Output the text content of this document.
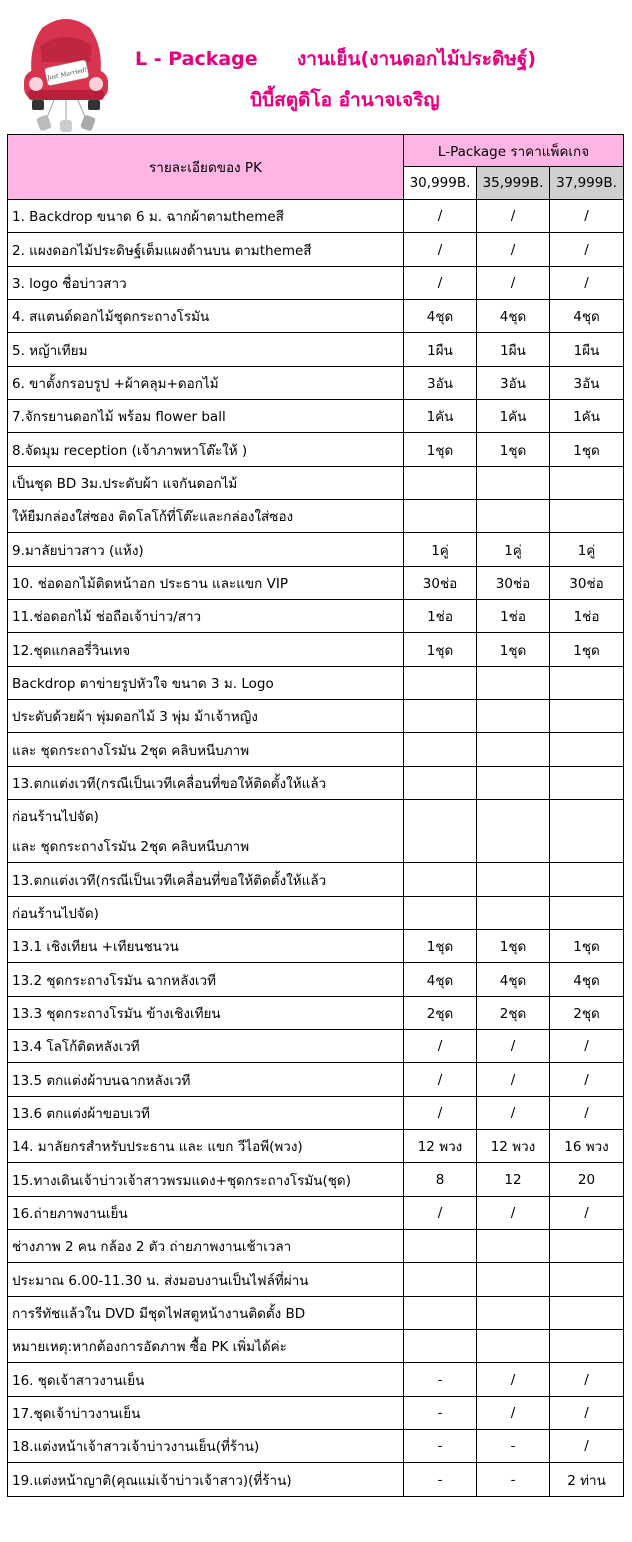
Just Married!
L - Package งานเย็น(งานดอกไม้ประดิษฐ์)
บิบี้สตูดิโอ อำนาจเจริญ
รายละเอียดของ PK	L-Package ราคาแพ็คเกจ		
	30,999B.	35,999B.	37,999B.
1. Backdrop ขนาด 6 ม. ฉากผ้าตามthemeสี	/	/	/
2. แผงดอกไม้ประดิษฐ์เต็มแผงด้านบน ตามthemeสี	/	/	/
3. logo ชื่อบ่าวสาว	/	/	/
4. สแตนด์ดอกไม้ชุดกระถางโรมัน	4ชุด	4ชุด	4ชุด
5. หญ้าเทียม	1ผืน	1ผืน	1ผืน
6. ขาตั้งกรอบรูป +ผ้าคลุม+ดอกไม้	3อัน	3อัน	3อัน
7.จักรยานดอกไม้ พร้อม flower ball	1คัน	1คัน	1คัน
8.จัดมุม reception (เจ้าภาพหาโต๊ะให้ )	1ชุด	1ชุด	1ชุด
เป็นชุด BD 3ม.ประดับผ้า แจกันดอกไม้			
ให้ยืมกล่องใส่ซอง ติดโลโก้ที่โต๊ะและกล่องใส่ซอง			
9.มาลัยบ่าวสาว (แห้ง)	1คู่	1คู่	1คู่
10. ช่อดอกไม้ติดหน้าอก ประธาน และแขก VIP	30ช่อ	30ช่อ	30ช่อ
11.ช่อดอกไม้ ช่อถือเจ้าบ่าว/สาว	1ช่อ	1ช่อ	1ช่อ
12.ชุดแกลอรี่วินเทจ	1ชุด	1ชุด	1ชุด
Backdrop ตาข่ายรูปหัวใจ ขนาด 3 ม. Logo			
ประดับด้วยผ้า พุ่มดอกไม้ 3 พุ่ม ม้าเจ้าหญิง			
และ ชุดกระถางโรมัน 2ชุด คลิบหนีบภาพ			
13.ตกแต่งเวที(กรณีเป็นเวทีเคลื่อนที่ขอให้ติดตั้งให้แล้ว			

ก่อนร้านไปจัด)
และ ชุดกระถางโรมัน 2ชุด คลิบหนีบภาพ			

13.ตกแต่งเวที(กรณีเป็นเวทีเคลื่อนที่ขอให้ติดตั้งให้แล้ว			
ก่อนร้านไปจัด)			
13.1 เชิงเทียน +เทียนชนวน	1ชุด	1ชุด	1ชุด
13.2 ชุดกระถางโรมัน ฉากหลังเวที	4ชุด	4ชุด	4ชุด
13.3 ชุดกระถางโรมัน ข้างเชิงเทียน	2ชุด	2ชุด	2ชุด
13.4 โลโก้ติดหลังเวที	/	/	/
13.5 ตกแต่งผ้าบนฉากหลังเวที	/	/	/
13.6 ตกแต่งผ้าขอบเวที	/	/	/
14. มาลัยกรสำหรับประธาน และ แขก วีไอพี(พวง)	12 พวง	12 พวง	16 พวง
15.ทางเดินเจ้าบ่าวเจ้าสาวพรมแดง+ชุดกระถางโรมัน(ชุด)	8	12	20
16.ถ่ายภาพงานเย็น	/	/	/
ช่างภาพ 2 คน กล้อง 2 ตัว ถ่ายภาพงานเช้าเวลา			
ประมาณ 6.00-11.30 น. ส่งมอบงานเป็นไฟล์ที่ผ่าน			
การรีทัชแล้วใน DVD มีชุดไฟสตูหน้างานติดตั้ง BD			
หมายเหตุ:หากต้องการอัดภาพ ซื้อ PK เพิ่มได้ค่ะ			
16. ชุดเจ้าสาวงานเย็น	-	/	/
17.ชุดเจ้าบ่าวงานเย็น	-	/	/
18.แต่งหน้าเจ้าสาวเจ้าบ่าวงานเย็น(ที่ร้าน)	-	-	/
19.แต่งหน้าญาติ(คุณแม่เจ้าบ่าวเจ้าสาว)(ที่ร้าน)	-	-	2 ท่าน
